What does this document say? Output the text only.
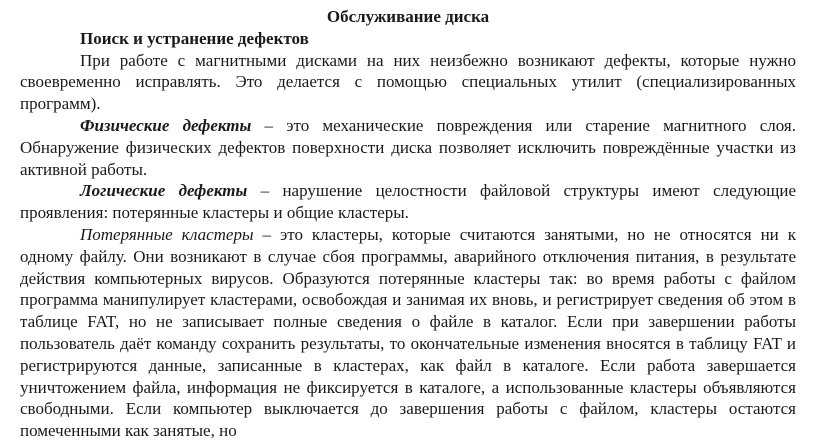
Обслуживание диска
Поиск и устранение дефектов

При работе с магнитными дисками на них неизбежно возникают дефекты, которые нужно своевременно исправлять. Это делается с помощью специальных утилит (специализированных программ).

Физические дефекты – это механические повреждения или старение магнитного слоя. Обнаружение физических дефектов поверхности диска позволяет исключить повреждённые участки из активной работы.

Логические дефекты – нарушение целостности файловой структуры имеют следующие проявления: потерянные кластеры и общие кластеры.

Потерянные кластеры – это кластеры, которые считаются занятыми, но не относятся ни к одному файлу. Они возникают в случае сбоя программы, аварийного отключения питания, в результате действия компьютерных вирусов. Образуются потерянные кластеры так: во время работы с файлом программа манипулирует кластерами, освобождая и занимая их вновь, и регистрирует сведения об этом в таблице FAT, но не записывает полные сведения о файле в каталог. Если при завершении работы пользователь даёт команду сохранить результаты, то окончательные изменения вносятся в таблицу FAT и регистрируются данные, записанные в кластерах, как файл в каталоге. Если работа завершается уничтожением файла, информация не фиксируется в каталоге, а использованные кластеры объявляются свободными. Если компьютер выключается до завершения работы с файлом, кластеры остаются помеченными как занятые, но
